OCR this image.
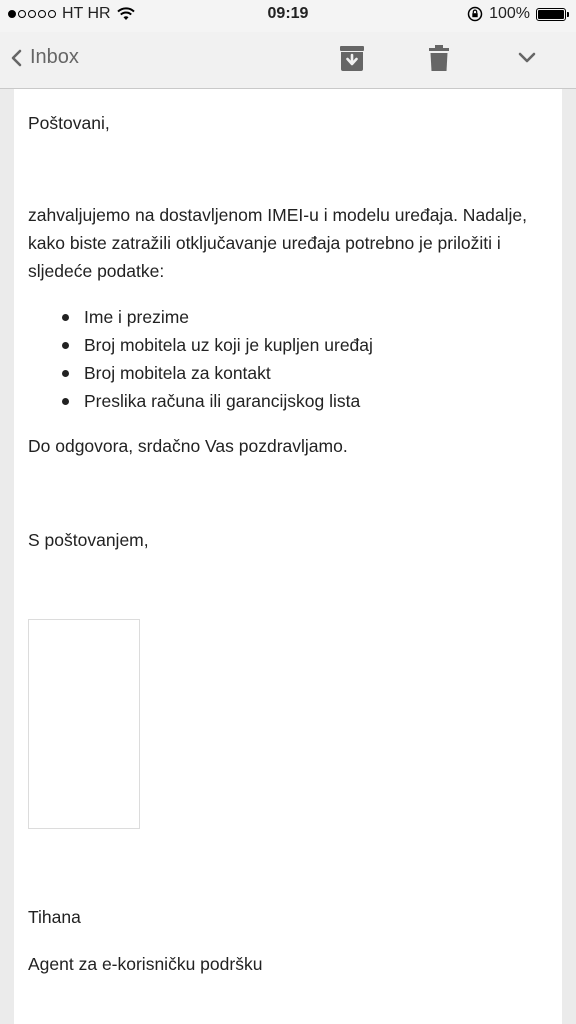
HT HR	09:19	100%
Inbox
Poštovani,
zahvaljujemo na dostavljenom IMEI-u i modelu uređaja. Nadalje,
kako biste zatražili otključavanje uređaja potrebno je priložiti i
sljedeće podatke:
Ime i prezime
Broj mobitela uz koji je kupljen uređaj
Broj mobitela za kontakt
Preslika računa ili garancijskog lista
Do odgovora, srdačno Vas pozdravljamo.
S poštovanjem,
Tihana
Agent za e-korisničku podršku
